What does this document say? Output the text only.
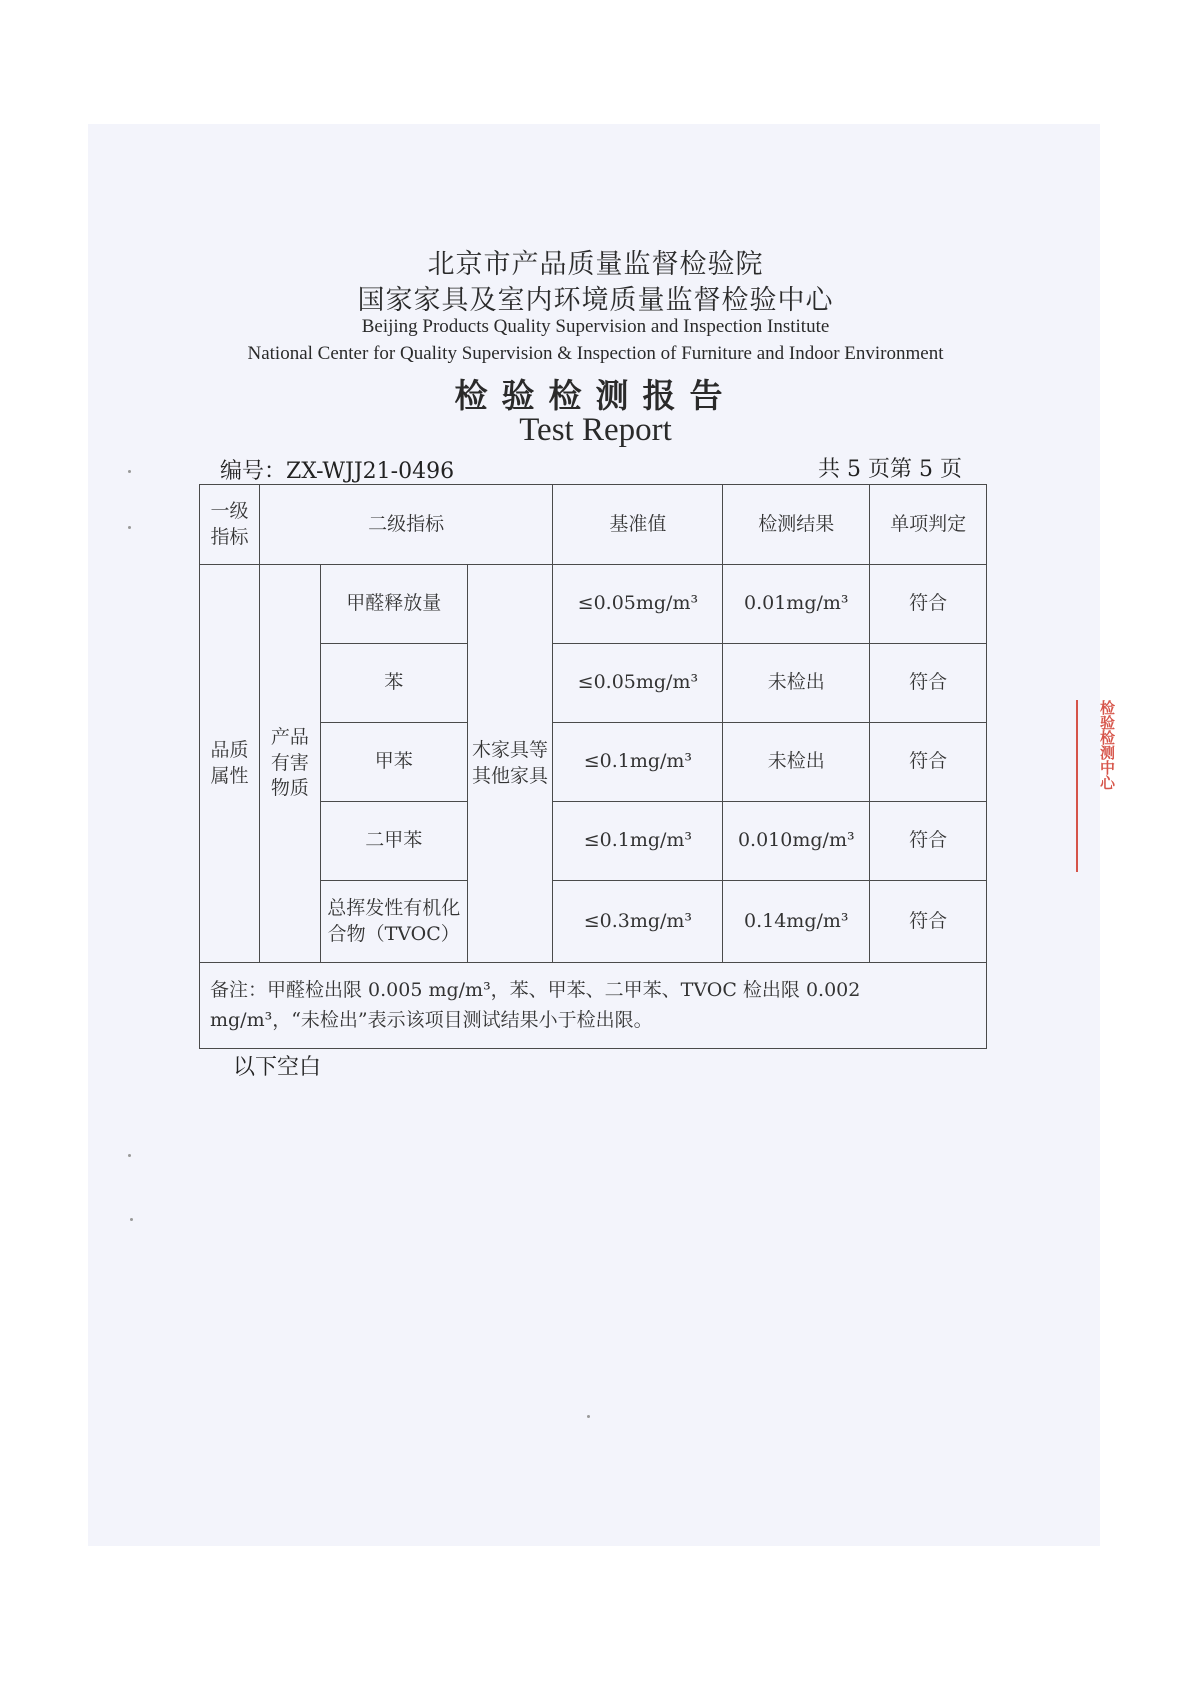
北京市产品质量监督检验院
国家家具及室内环境质量监督检验中心
Beijing Products Quality Supervision and Inspection Institute
National Center for Quality Supervision & Inspection of Furniture and Indoor Environment
检验检测报告
Test Report
编号：ZX-WJJ21-0496	共 5 页第 5 页
一级指标	二级指标			基准值	检测结果	单项判定
品质属性	产品有害物质	甲醛释放量	木家具等其他家具	≤0.05mg/m³	0.01mg/m³	符合
		苯		≤0.05mg/m³	未检出	符合
		甲苯		≤0.1mg/m³	未检出	符合
		二甲苯		≤0.1mg/m³	0.010mg/m³	符合
		总挥发性有机化合物（TVOC）		≤0.3mg/m³	0.14mg/m³	符合
备注：甲醛检出限 0.005 mg/m³，苯、甲苯、二甲苯、TVOC 检出限 0.002 mg/m³，“未检出”表示该项目测试结果小于检出限。						
以下空白
检验检测中心
